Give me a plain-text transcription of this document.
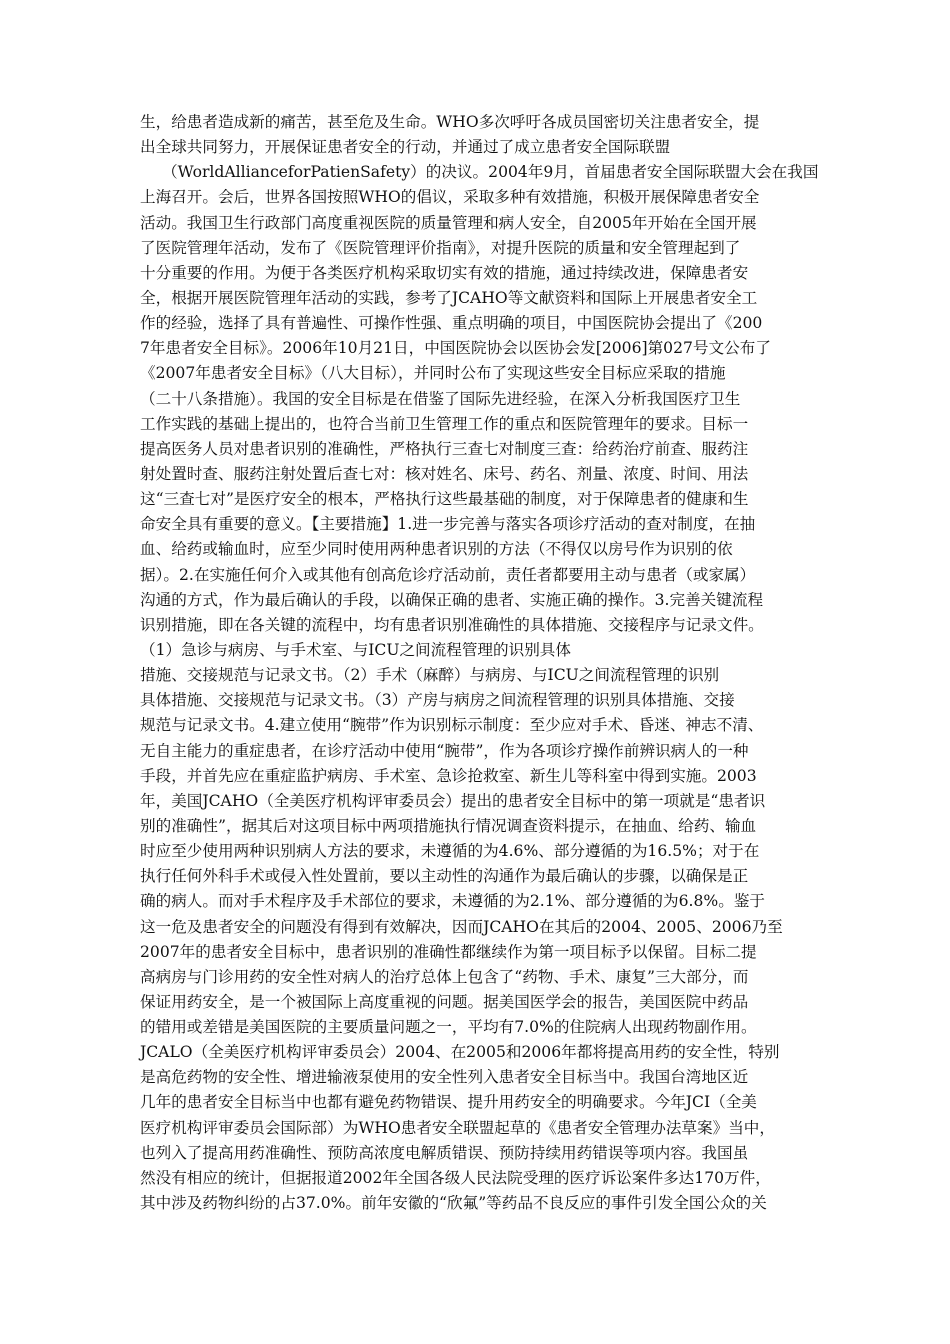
生，给患者造成新的痛苦，甚至危及生命。WHO多次呼吁各成员国密切关注患者安全，提
出全球共同努力，开展保证患者安全的行动，并通过了成立患者安全国际联盟
（WorldAllianceforPatienSafety）的决议。2004年9月，首届患者安全国际联盟大会在我国
上海召开。会后，世界各国按照WHO的倡议，采取多种有效措施，积极开展保障患者安全
活动。我国卫生行政部门高度重视医院的质量管理和病人安全，自2005年开始在全国开展
了医院管理年活动，发布了《医院管理评价指南》，对提升医院的质量和安全管理起到了
十分重要的作用。为便于各类医疗机构采取切实有效的措施，通过持续改进，保障患者安
全，根据开展医院管理年活动的实践，参考了JCAHO等文献资料和国际上开展患者安全工
作的经验，选择了具有普遍性、可操作性强、重点明确的项目，中国医院协会提出了《200
7年患者安全目标》。2006年10月21日，中国医院协会以医协会发[2006]第027号文公布了
《2007年患者安全目标》（八大目标），并同时公布了实现这些安全目标应采取的措施
（二十八条措施）。我国的安全目标是在借鉴了国际先进经验，在深入分析我国医疗卫生
工作实践的基础上提出的，也符合当前卫生管理工作的重点和医院管理年的要求。目标一
提高医务人员对患者识别的准确性，严格执行三查七对制度三查：给药治疗前查、服药注
射处置时查、服药注射处置后查七对：核对姓名、床号、药名、剂量、浓度、时间、用法
这“三查七对”是医疗安全的根本，严格执行这些最基础的制度，对于保障患者的健康和生
命安全具有重要的意义。【主要措施】1.进一步完善与落实各项诊疗活动的查对制度，在抽
血、给药或输血时，应至少同时使用两种患者识别的方法（不得仅以房号作为识别的依
据）。2.在实施任何介入或其他有创高危诊疗活动前，责任者都要用主动与患者（或家属）
沟通的方式，作为最后确认的手段，以确保正确的患者、实施正确的操作。3.完善关键流程
识别措施，即在各关键的流程中，均有患者识别准确性的具体措施、交接程序与记录文件。
（1）急诊与病房、与手术室、与ICU之间流程管理的识别具体
措施、交接规范与记录文书。（2）手术（麻醉）与病房、与ICU之间流程管理的识别
具体措施、交接规范与记录文书。（3）产房与病房之间流程管理的识别具体措施、交接
规范与记录文书。4.建立使用“腕带”作为识别标示制度：至少应对手术、昏迷、神志不清、
无自主能力的重症患者，在诊疗活动中使用“腕带”，作为各项诊疗操作前辨识病人的一种
手段，并首先应在重症监护病房、手术室、急诊抢救室、新生儿等科室中得到实施。2003
年，美国JCAHO（全美医疗机构评审委员会）提出的患者安全目标中的第一项就是“患者识
别的准确性”，据其后对这项目标中两项措施执行情况调查资料提示，在抽血、给药、输血
时应至少使用两种识别病人方法的要求，未遵循的为4.6%、部分遵循的为16.5%；对于在
执行任何外科手术或侵入性处置前，要以主动性的沟通作为最后确认的步骤，以确保是正
确的病人。而对手术程序及手术部位的要求，未遵循的为2.1%、部分遵循的为6.8%。鉴于
这一危及患者安全的问题没有得到有效解决，因而JCAHO在其后的2004、2005、2006乃至
2007年的患者安全目标中，患者识别的准确性都继续作为第一项目标予以保留。目标二提
高病房与门诊用药的安全性对病人的治疗总体上包含了“药物、手术、康复”三大部分，而
保证用药安全，是一个被国际上高度重视的问题。据美国医学会的报告，美国医院中药品
的错用或差错是美国医院的主要质量问题之一，平均有7.0%的住院病人出现药物副作用。
JCALO（全美医疗机构评审委员会）2004、在2005和2006年都将提高用药的安全性，特别
是高危药物的安全性、增进输液泵使用的安全性列入患者安全目标当中。我国台湾地区近
几年的患者安全目标当中也都有避免药物错误、提升用药安全的明确要求。今年JCI（全美
医疗机构评审委员会国际部）为WHO患者安全联盟起草的《患者安全管理办法草案》当中，
也列入了提高用药准确性、预防高浓度电解质错误、预防持续用药错误等项内容。我国虽
然没有相应的统计，但据报道2002年全国各级人民法院受理的医疗诉讼案件多达170万件，
其中涉及药物纠纷的占37.0%。前年安徽的“欣氟”等药品不良反应的事件引发全国公众的关
